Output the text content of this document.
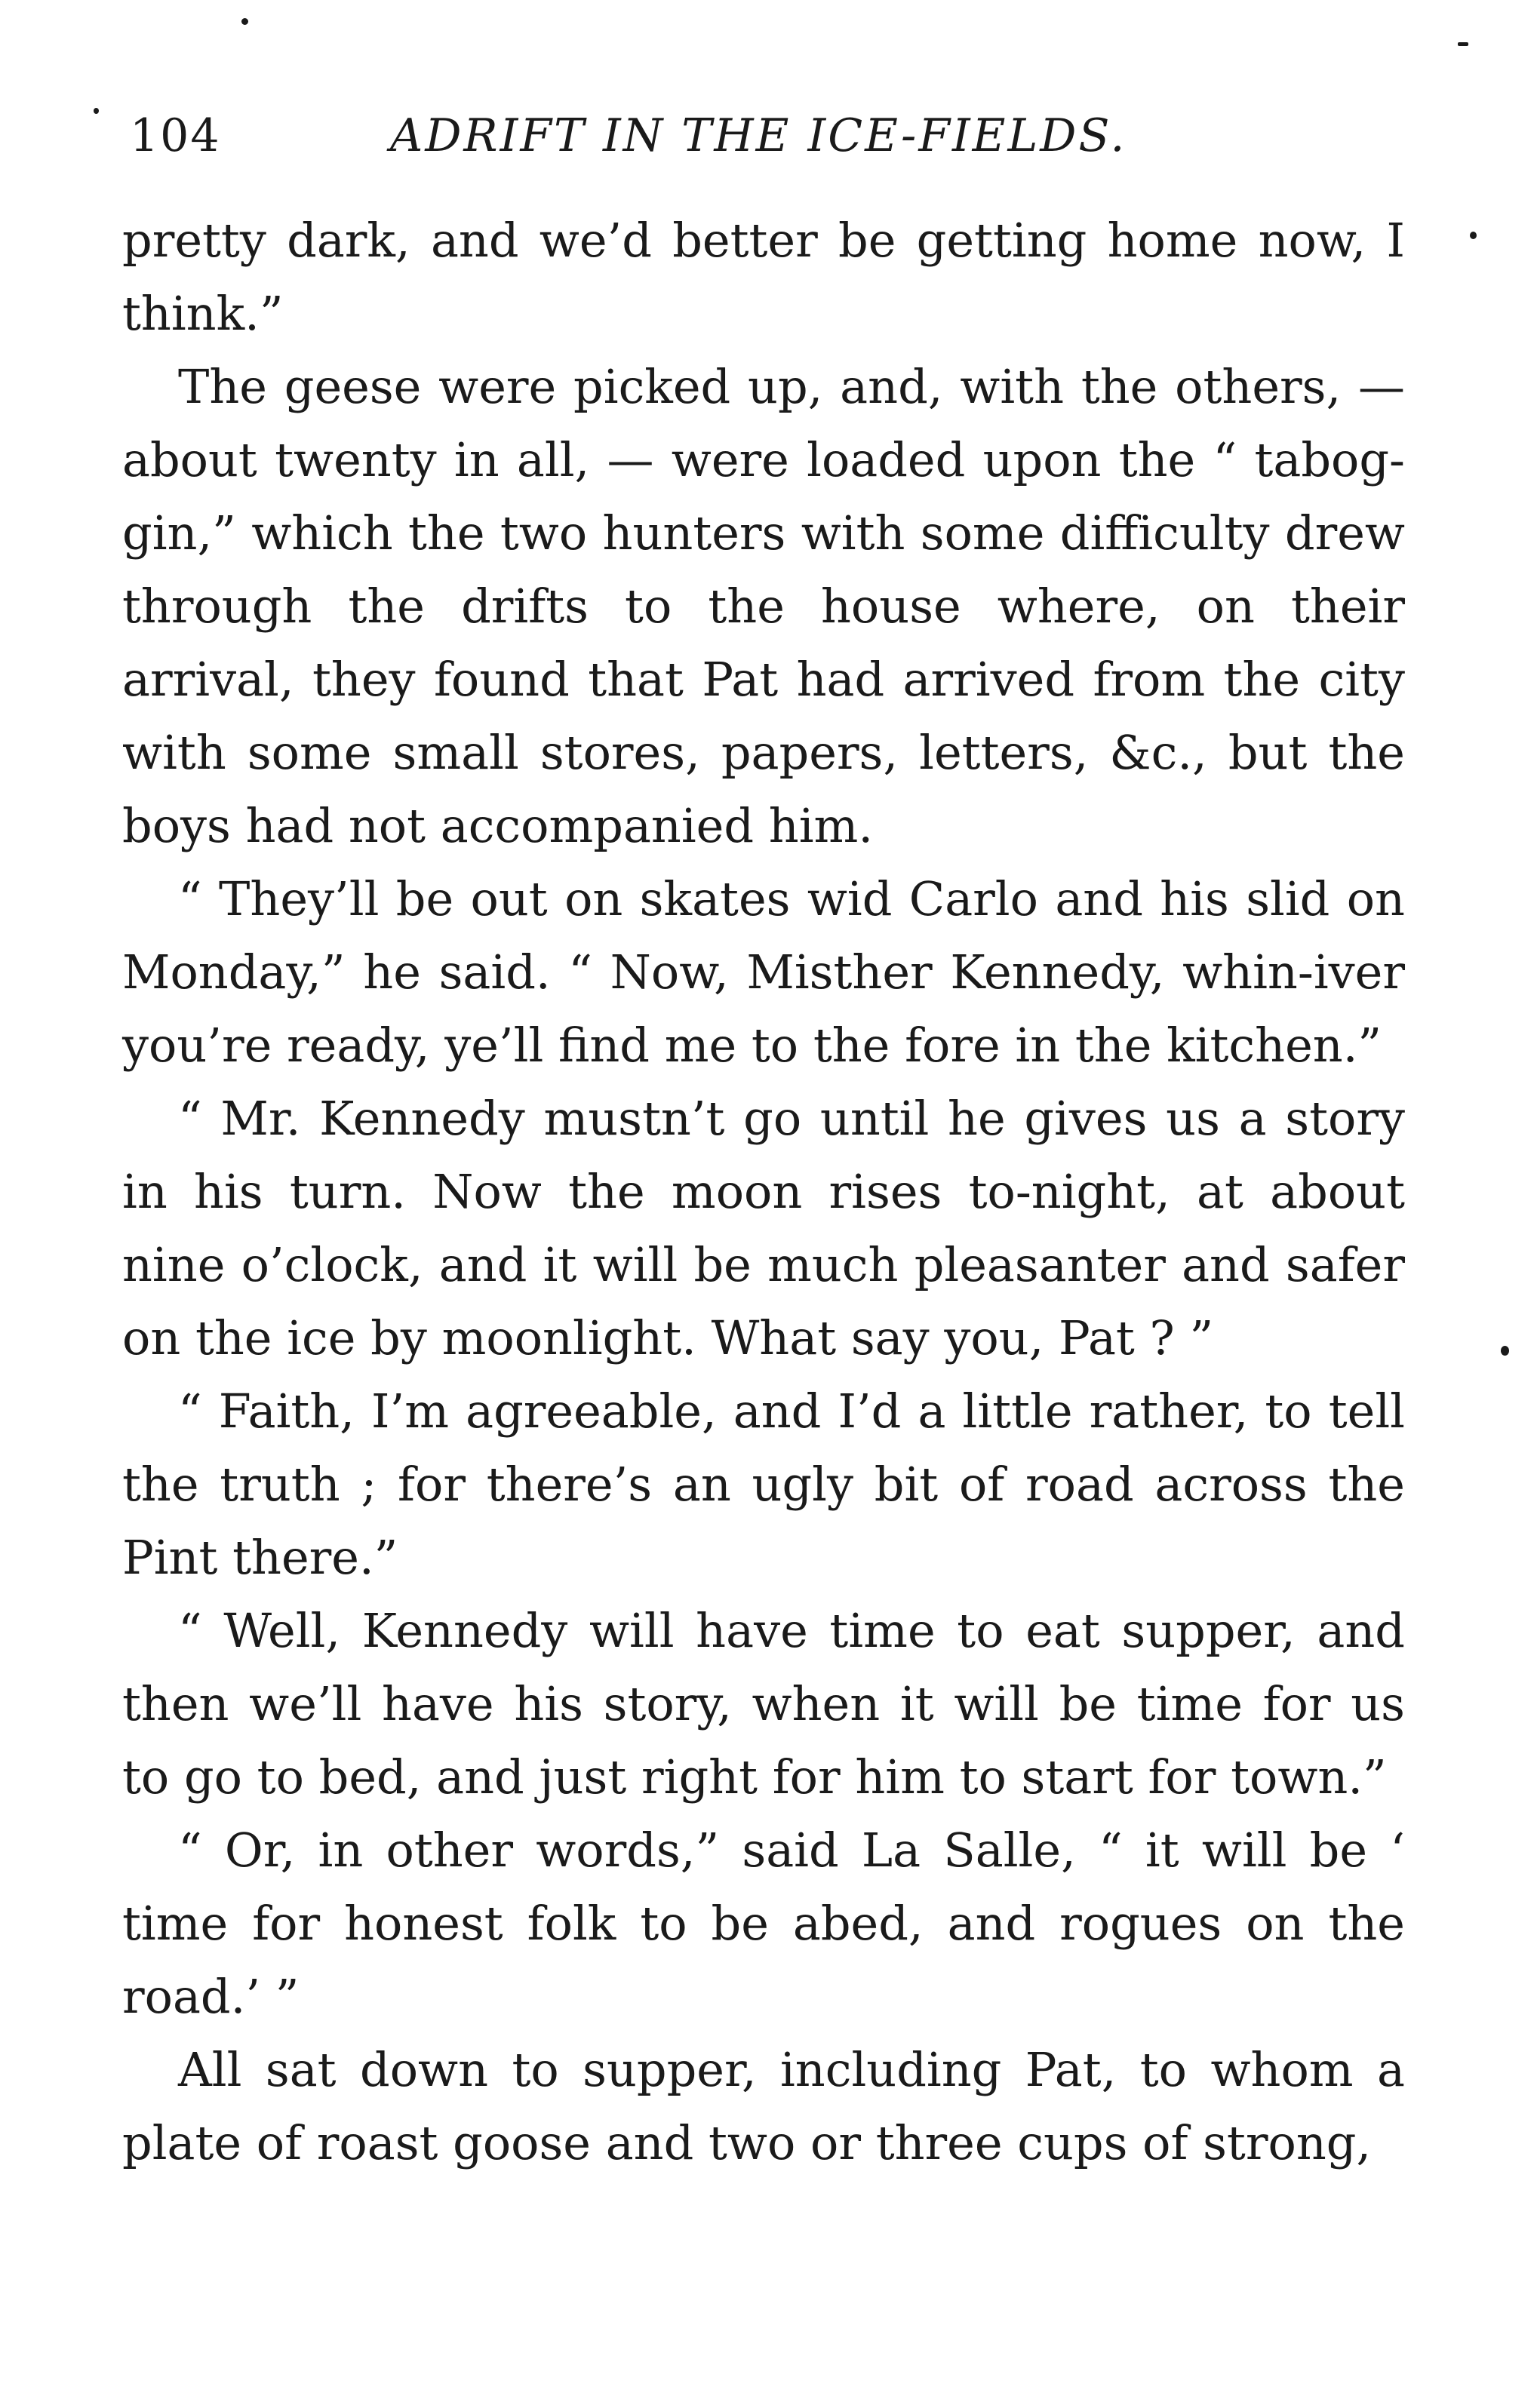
104	ADRIFT IN THE ICE-FIELDS.

pretty dark, and we’d better be getting home now, I think.”

The geese were picked up, and, with the others, — about twenty in all, — were loaded upon the “ tabog-gin,” which the two hunters with some difficulty drew through the drifts to the house where, on their arrival, they found that Pat had arrived from the city with some small stores, papers, letters, &c., but the boys had not accompanied him.

“ They’ll be out on skates wid Carlo and his slid on Monday,” he said. “ Now, Misther Kennedy, whin-iver you’re ready, ye’ll find me to the fore in the kitchen.”

“ Mr. Kennedy mustn’t go until he gives us a story in his turn. Now the moon rises to-night, at about nine o’clock, and it will be much pleasanter and safer on the ice by moonlight. What say you, Pat ? ”

“ Faith, I’m agreeable, and I’d a little rather, to tell the truth ; for there’s an ugly bit of road across the Pint there.”

“ Well, Kennedy will have time to eat supper, and then we’ll have his story, when it will be time for us to go to bed, and just right for him to start for town.”

“ Or, in other words,” said La Salle, “ it will be ‘ time for honest folk to be abed, and rogues on the road.’ ”

All sat down to supper, including Pat, to whom a plate of roast goose and two or three cups of strong,
